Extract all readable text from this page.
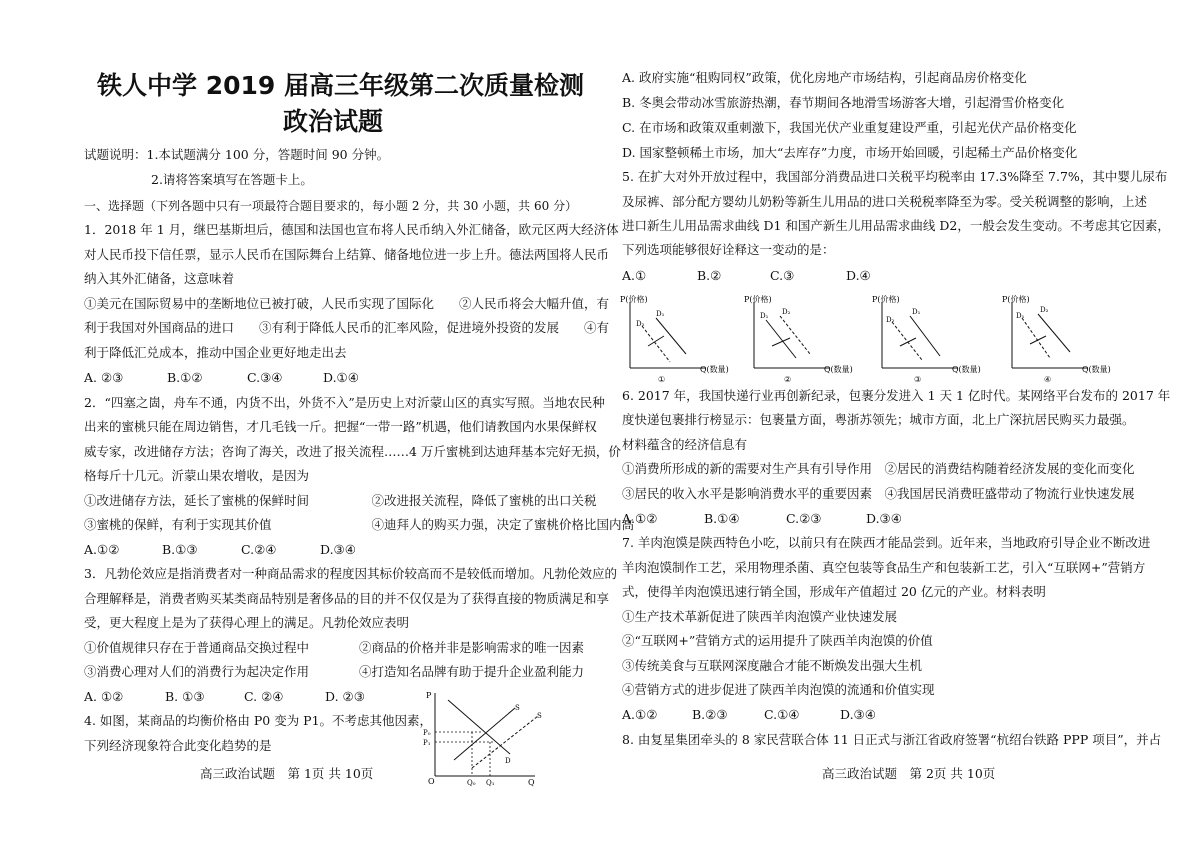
铁人中学 2019 届高三年级第二次质量检测
政治试题
试题说明：1.本试题满分 100 分，答题时间 90 分钟。
2.请将答案填写在答题卡上。
一、选择题（下列各题中只有一项最符合题目要求的，每小题 2 分，共 30 小题，共 60 分）
1．2018 年 1 月，继巴基斯坦后，德国和法国也宣布将人民币纳入外汇储备，欧元区两大经济体
对人民币投下信任票，显示人民币在国际舞台上结算、储备地位进一步上升。德法两国将人民币
纳入其外汇储备，这意味着
①美元在国际贸易中的垄断地位已被打破，人民币实现了国际化　　②人民币将会大幅升值，有
利于我国对外国商品的进口　　③有利于降低人民币的汇率风险，促进境外投资的发展　　④有
利于降低汇兑成本，推动中国企业更好地走出去
A. ②③	B.①②	C.③④	D.①④
2．“四塞之崮，舟车不通，内货不出，外货不入”是历史上对沂蒙山区的真实写照。当地农民种
出来的蜜桃只能在周边销售，才几毛钱一斤。把握“一带一路”机遇，他们请教国内水果保鲜权
威专家，改进储存方法；咨询了海关，改进了报关流程……4 万斤蜜桃到达迪拜基本完好无损，价
格每斤十几元。沂蒙山果农增收，是因为
①改进储存方法，延长了蜜桃的保鲜时间　　　　　②改进报关流程，降低了蜜桃的出口关税
③蜜桃的保鲜，有利于实现其价值　　　　　　　　④迪拜人的购买力强，决定了蜜桃价格比国内高
A.①②	B.①③	C.②④	D.③④
3．凡勃伦效应是指消费者对一种商品需求的程度因其标价较高而不是较低而增加。凡勃伦效应的
合理解释是，消费者购买某类商品特别是奢侈品的目的并不仅仅是为了获得直接的物质满足和享
受，更大程度上是为了获得心理上的满足。凡勃伦效应表明
①价值规律只存在于普通商品交换过程中　　　　②商品的价格并非是影响需求的唯一因素
③消费心理对人们的消费行为起决定作用　　　　④打造知名品牌有助于提升企业盈利能力
A. ①②	B. ①③	C. ②④	D. ②③
4. 如图，某商品的均衡价格由 P0 变为 P1。不考虑其他因素，
下列经济现象符合此变化趋势的是
P
P₀
P₁
O	Q₀ Q₁	Q
D
S
S
高三政治试题　第 1页 共 10页
A. 政府实施“租购同权”政策，优化房地产市场结构，引起商品房价格变化
B. 冬奥会带动冰雪旅游热潮，春节期间各地滑雪场游客大增，引起滑雪价格变化
C. 在市场和政策双重刺激下，我国光伏产业重复建设严重，引起光伏产品价格变化
D. 国家整顿稀土市场，加大“去库存”力度，市场开始回暖，引起稀土产品价格变化
5. 在扩大对外开放过程中，我国部分消费品进口关税平均税率由 17.3%降至 7.7%，其中婴儿尿布
及尿裤、部分配方婴幼儿奶粉等新生儿用品的进口关税税率降至为零。受关税调整的影响，上述
进口新生儿用品需求曲线 D1 和国产新生儿用品需求曲线 D2，一般会发生变动。不考虑其它因素，
下列选项能够很好诠释这一变动的是：
A.①	B.②	C.③	D.④
P(价格)
D₁
D₂
Q(数量)
①
P(价格)
D₁ D₂
Q(数量)
②
P(价格)
D₁
D₂
Q(数量)
③
P(价格)
D₁
D₂
Q(数量)
④
6. 2017 年，我国快递行业再创新纪录，包裹分发进入 1 天 1 亿时代。某网络平台发布的 2017 年
度快递包裹排行榜显示：包裹量方面，粤浙苏领先；城市方面，北上广深抗居民购买力最强。
材料蕴含的经济信息有
①消费所形成的新的需要对生产具有引导作用　②居民的消费结构随着经济发展的变化而变化
③居民的收入水平是影响消费水平的重要因素　④我国居民消费旺盛带动了物流行业快速发展
A.①②	B.①④	C.②③	D.③④
7. 羊肉泡馍是陕西特色小吃，以前只有在陕西才能品尝到。近年来，当地政府引导企业不断改进
羊肉泡馍制作工艺，采用物理杀菌、真空包装等食品生产和包装新工艺，引入“互联网+”营销方
式，使得羊肉泡馍迅速行销全国，形成年产值超过 20 亿元的产业。材料表明
①生产技术革新促进了陕西羊肉泡馍产业快速发展
②“互联网+”营销方式的运用提升了陕西羊肉泡馍的价值
③传统美食与互联网深度融合才能不断焕发出强大生机
④营销方式的进步促进了陕西羊肉泡馍的流通和价值实现
A.①②	B.②③	C.①④	D.③④
8. 由复星集团牵头的 8 家民营联合体 11 日正式与浙江省政府签署“杭绍台铁路 PPP 项目”，并占
高三政治试题　第 2页 共 10页
